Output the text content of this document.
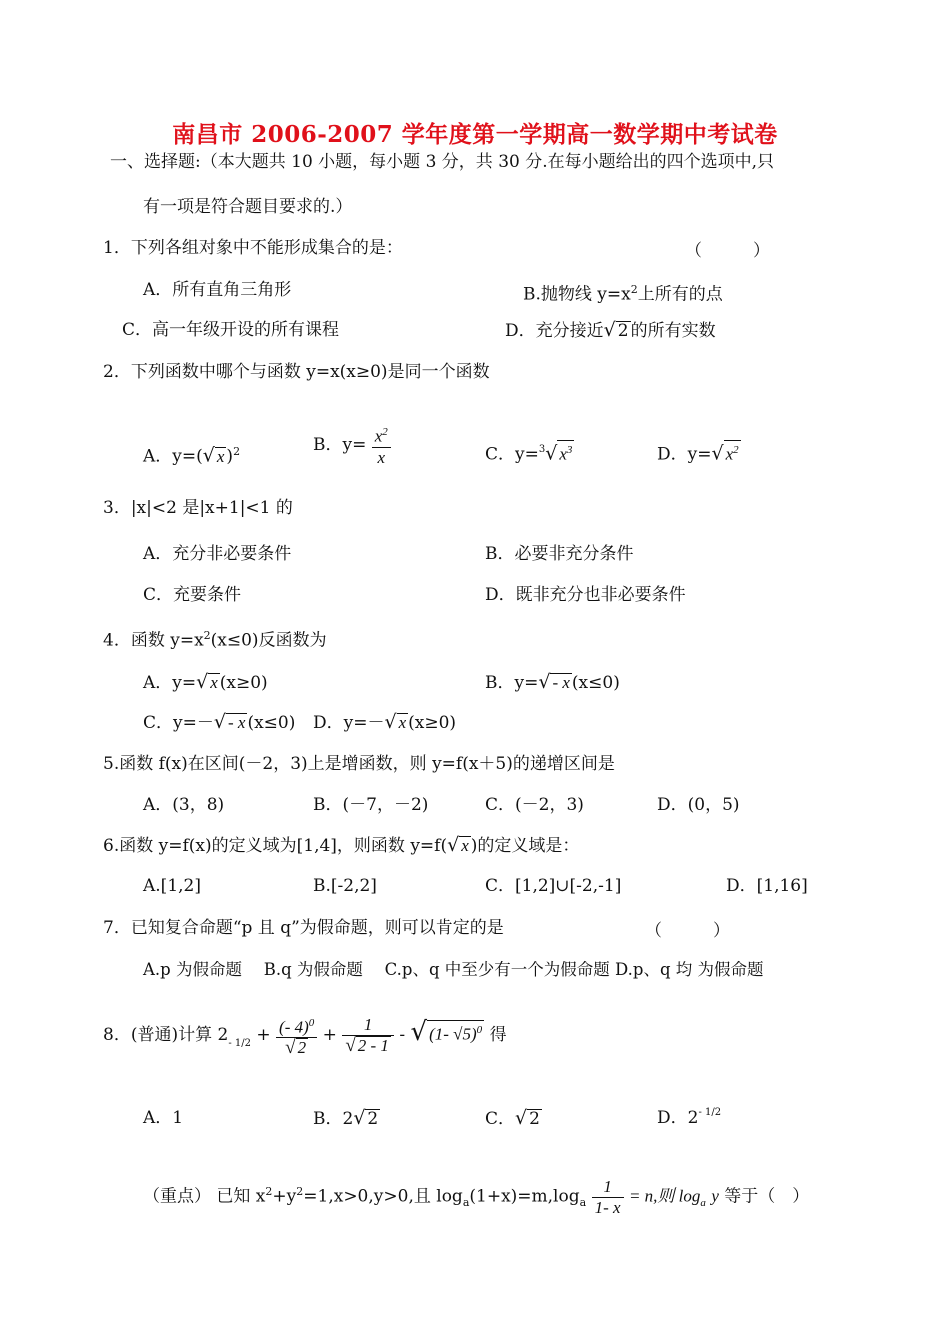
南昌市 2006-2007 学年度第一学期高一数学期中考试卷
一、选择题:（本大题共 10 小题，每小题 3 分，共 30 分.在每小题给出的四个选项中,只
有一项是符合题目要求的.）
1．下列各组对象中不能形成集合的是：	（　　　）
A．所有直角三角形	B.抛物线 $y=x^2$上所有的点
C．高一年级开设的所有课程	D．充分接近√ 2 的所有实数
2．下列函数中哪个与函数 y=x(x≥0)是同一个函数
A．y=(√ x )$^2$	B．$y= \frac{x^2}{x}$	C．y=$^3$√ $x^3$	D．y=√ $x^2$
3．|x|<2 是|x+1|<1 的
A．充分非必要条件	B．必要非充分条件
C．充要条件	D．既非充分也非必要条件
4．函数 $y=x^2(x\le 0)$反函数为
A．y=√ x (x≥0)	B．y=√ - x (x≤0)
C．y=－√ - x (x≤0) D．y=－√ x (x≥0)
5.函数 f(x)在区间(－2，3)上是增函数，则 y=f(x＋5)的递增区间是
A．(3，8)	B．(－7，－2)	C．(－2，3)	D．(0，5)
6.函数 y=f(x)的定义域为[1,4]，则函数 y=f(√ x )的定义域是：
A.[1,2]	B.[-2,2]	C．[1,2]∪[-2,-1]	D．[1,16]
7．已知复合命题“p 且 q”为假命题，则可以肯定的是	（　　　）
A.p 为假命题　 B.q 为假命题　 C.p、q 中至少有一个为假命题 D.p、q 均 为假命题
8．(普通)计算 $2_{- 1/2} + \frac{(- 4)^0}{√ 2} + \frac{1}{√ 2 - 1}$ - √ (1- √5)$^0$ 得
A．1	B．2√ 2	C．√ 2	D．$2^{- 1/2}$
（重点） 已知 $x^2+y^2=1,x>0,y>0$,且 $\log_a(1+x)=m,\log_a \frac{1}{1- x} = n$,则 $\log_a y$ 等于（　）
